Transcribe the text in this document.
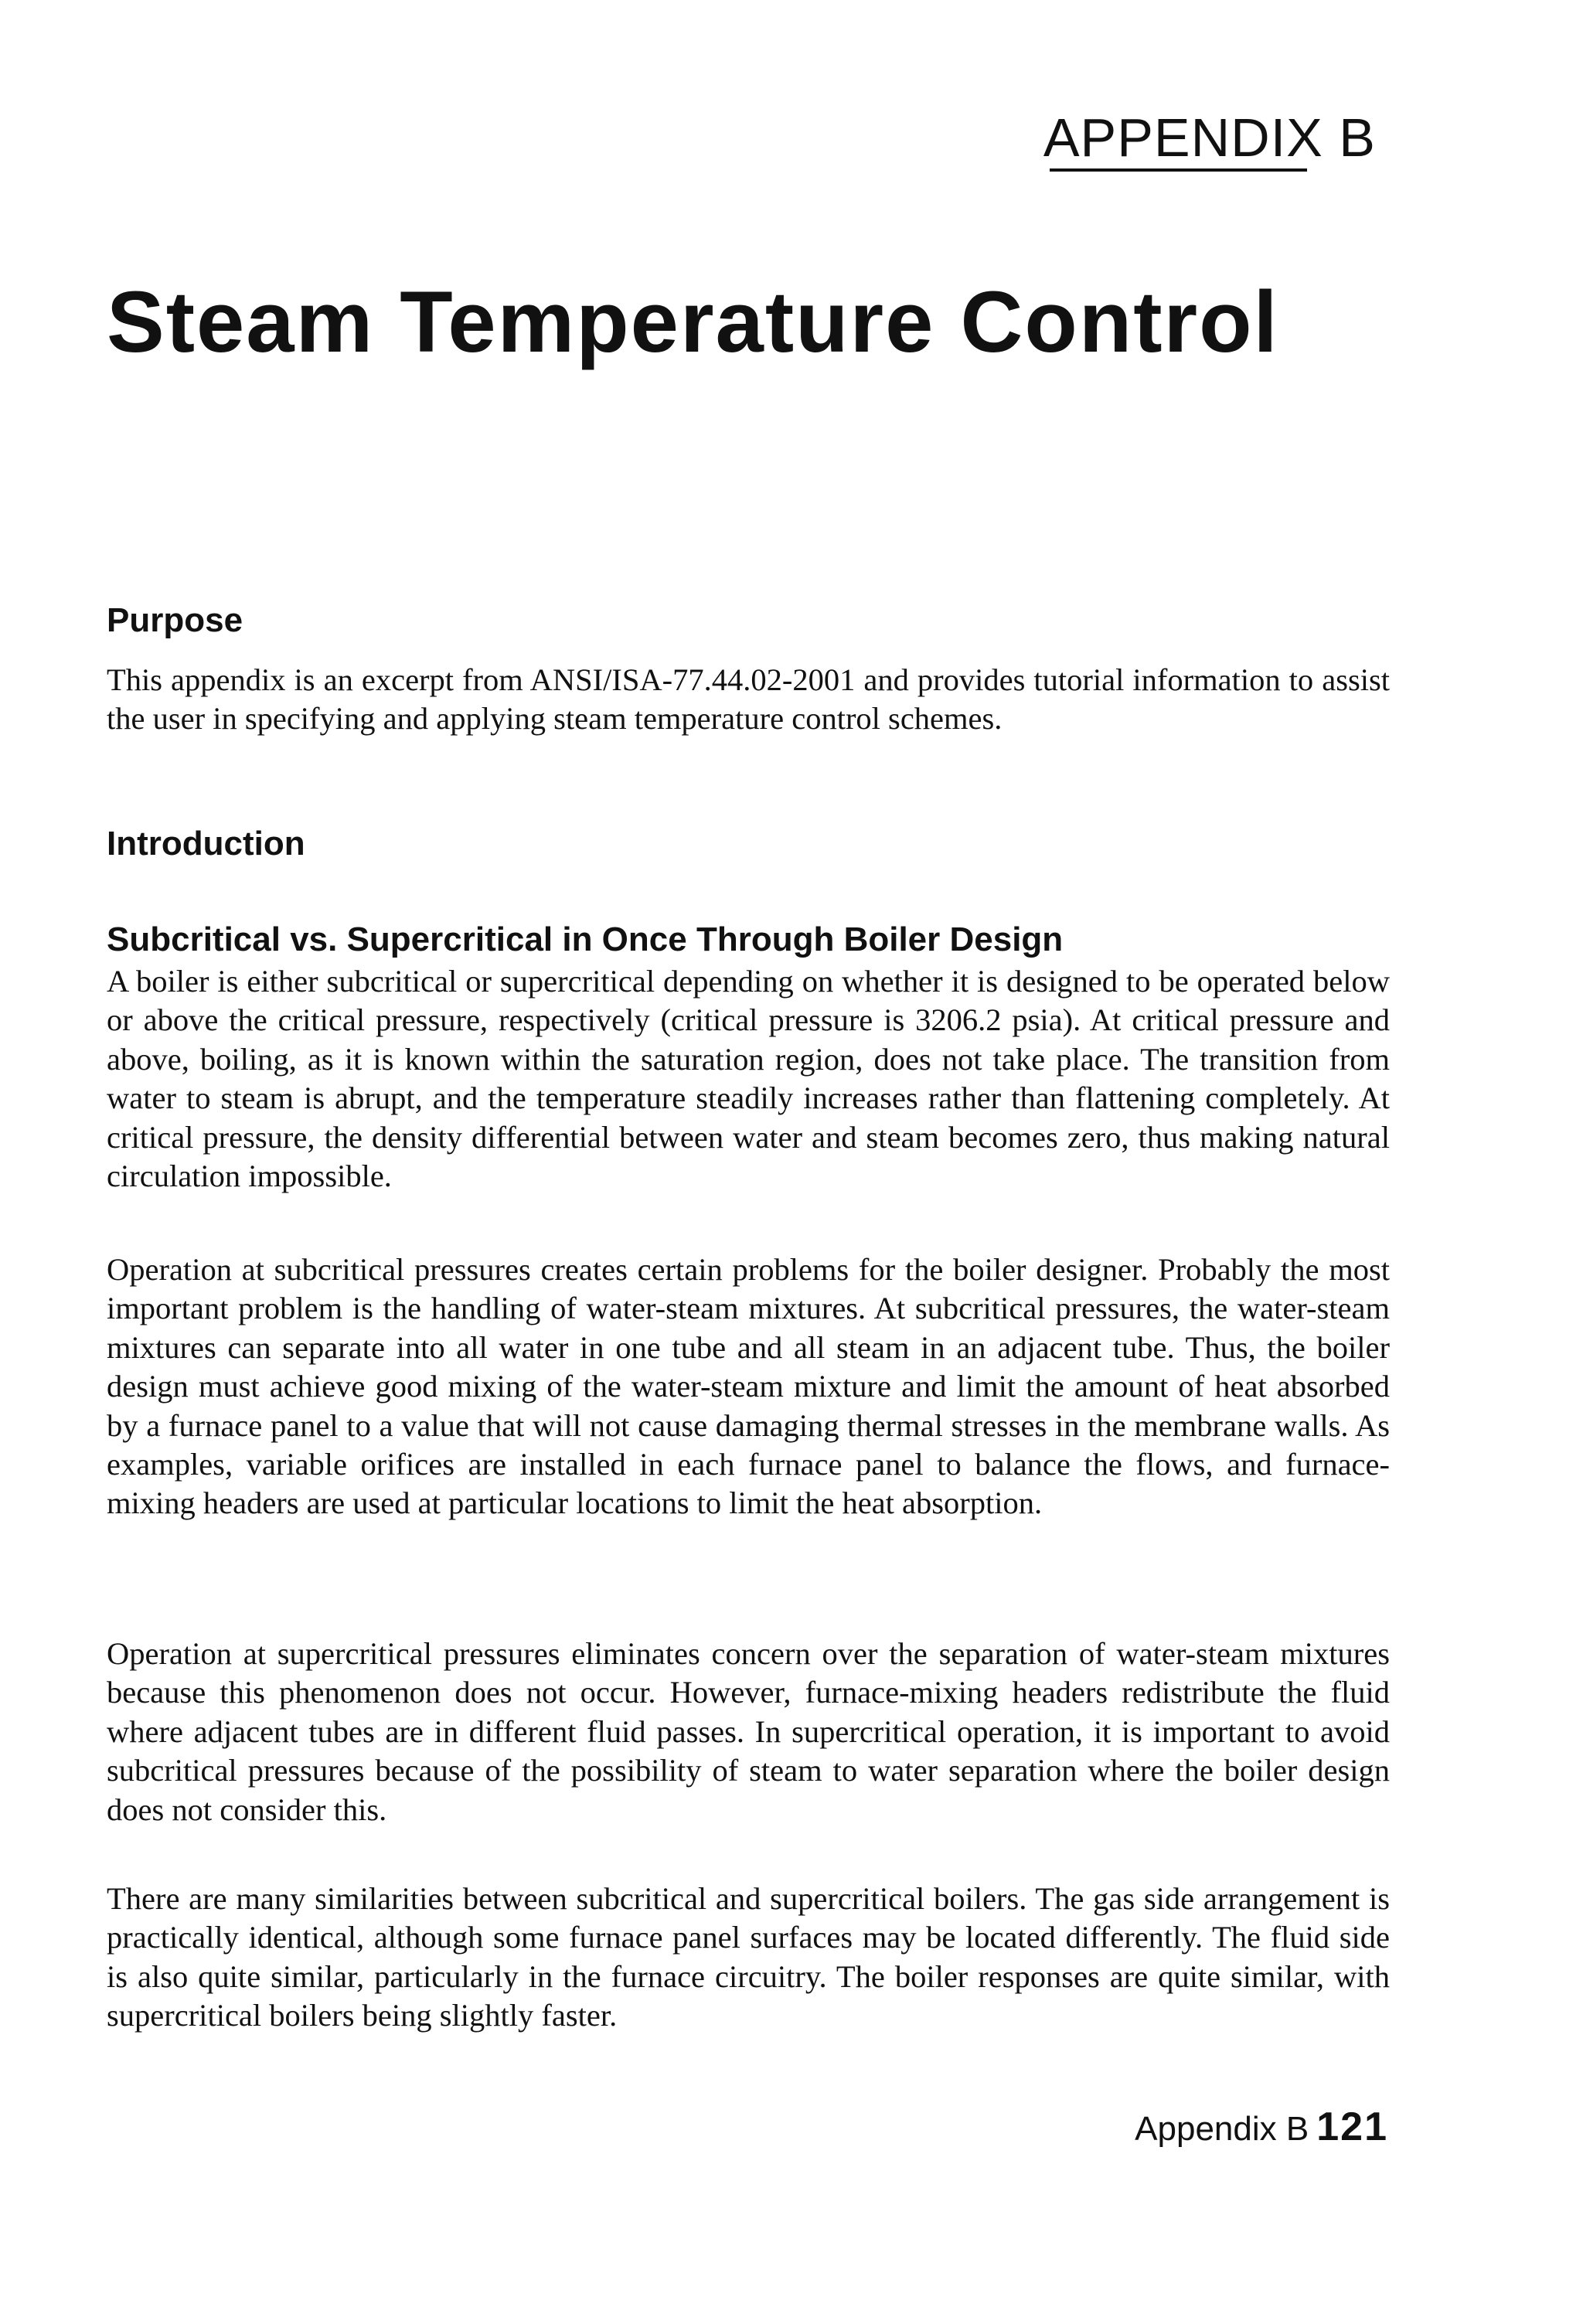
APPENDIX B
Steam Temperature Control
Purpose

This appendix is an excerpt from ANSI/ISA-77.44.02-2001 and provides tutorial information to assist the user in specifying and applying steam temperature control schemes.

Introduction
Subcritical vs. Supercritical in Once Through Boiler Design

A boiler is either subcritical or supercritical depending on whether it is designed to be operated below or above the critical pressure, respectively (critical pressure is 3206.2 psia). At critical pressure and above, boiling, as it is known within the saturation region, does not take place. The transition from water to steam is abrupt, and the temperature steadily increases rather than flattening completely. At critical pressure, the density differential between water and steam becomes zero, thus making natural circulation impossible.

Operation at subcritical pressures creates certain problems for the boiler designer. Probably the most important problem is the handling of water-steam mixtures. At subcritical pressures, the water-steam mixtures can separate into all water in one tube and all steam in an adjacent tube. Thus, the boiler design must achieve good mixing of the water-steam mixture and limit the amount of heat absorbed by a furnace panel to a value that will not cause damaging thermal stresses in the membrane walls. As examples, variable orifices are installed in each furnace panel to balance the flows, and furnace-mixing headers are used at particular locations to limit the heat absorption.

Operation at supercritical pressures eliminates concern over the separation of water-steam mixtures because this phenomenon does not occur. However, furnace-mixing headers redistribute the fluid where adjacent tubes are in different fluid passes. In supercritical operation, it is important to avoid subcritical pressures because of the possibility of steam to water separation where the boiler design does not consider this.

There are many similarities between subcritical and supercritical boilers. The gas side arrangement is practically identical, although some furnace panel surfaces may be located differently. The fluid side is also quite similar, particularly in the furnace circuitry. The boiler responses are quite similar, with supercritical boilers being slightly faster.

Appendix B 121
